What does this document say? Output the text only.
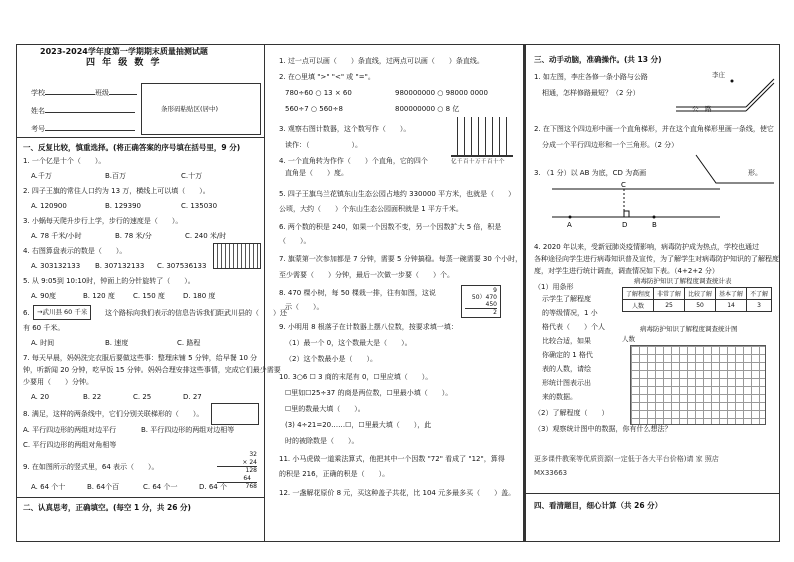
2023-2024学年度第一学期期末质量抽测试题
四 年 级 数 学
学校	班级
姓名
考号
条形码粘贴区(居中)
一、反复比较，慎重选择。(将正确答案的序号填在括号里，9 分)
1. 一个亿是十个（　　）。
A.千万	B.百万	C.十万
2. 四子王旗的常住人口约为 13 万，横线上可以填（　　）。
A. 120900	B. 129390	C. 135030
3. 小蜗每天爬升步行上学，步行的速度是（　　）。
A. 78 千米/小时	B. 78 米/分	C. 240 米/时
4. 右图算盘表示的数是（　　）。
A. 303132133 B. 307132133 C. 307536133
5. 从 9:05到 10:10时，钟面上的分针旋转了（　　）。
A. 90度	B. 120 度	C. 150 度	D. 180 度
6.	→武川县 60 千米	这个路标向我们表示的信息告诉我们距武川县的（　　）还
有 60 千米。
A. 时间	B. 速度	C. 路程
7. 每天早晨，妈妈洗完衣服后要做这些事：整理床铺 5 分钟，给早餐 10 分
钟，听新闻 20 分钟，吃早饭 15 分钟。妈妈合理安排这些事情，完成它们最少需要
少要用（　　）分钟。
A. 20	B. 22	C. 25	D. 27
8. 满足，这样的两条线中，它们分别关联梯形的（　　）。
A. 平行四边形的两组对边平行	B. 平行四边形的两组对边相等
C. 平行四边形的两组对角相等
9. 在如图所示的竖式里，64 表示（　　）。
32
× 24
128
64
768
A. 64 个十	B. 64个百	C. 64 个一	D. 64 个
二、认真思考，正确填空。(每空 1 分，共 26 分)
1. 过一点可以画（　　）条直线，过两点可以画（　　）条直线。
2. 在○里填 ">" "<" 或 "="。
780÷60 ○ 13 × 60	980000000 ○ 98000 0000
560÷7 ○ 560÷8	800000000 ○ 8 亿
3. 观察右图计数器，这个数写作（　　）。
读作：（　　　　　　）。
亿千百十万千百十个
4. 一个直角转为作作（　　）个直角，它的四个
直角是（　　）度。
5. 四子王旗乌兰花镇东山生态公园占地约 330000 平方米，也就是（　　）
公顷，大约（　　）个东山生态公园面积就是 1 平方千米。
6. 两个数的积是 240，如果一个因数不变，另一个因数扩大 5 倍，积是
（　　）。
7. 旗蒙第一次参加都是 7 分钟，需要 5 分钟搞稳。每蒸一碗需要 30 个小时，
至少需要（　　）分钟，最后一次做一步要（　　）个。
8. 470 棵小树，每 50 棵栽一排，往有如图，这说
示（　　）。
9
50）470
450
2
9. 小明用 8 根落子在计数器上摆八位数，按要求填一填：
（1）最一个 0，这个数最大是（　　）。
（2）这个数最小是（　　）。
10. 3○6 ☐ 3 商的末尾有 0，☐里应填（　　）。
☐里如☐25÷37 的商是两位数，☐里最小填（　　）。
☐里的数最大填（　　）。
(3) 4÷21=20……☐，☐里最大填（　　），此
时的被除数是（　　）。
11. 小马虎做一道乘法算式，他把其中一个因数 "72" 看成了 "12"，算得
的积是 216，正确的积是（　　）。
12. 一盏解花原价 8 元，买这种盖子共花，比 104 元多最多买（　　）盖。
三、动手动脑，准确操作。(共 13 分)
1. 如左图，李庄各修一条小路与公路
相通，怎样修路最短？（2 分）
李庄
公　路
2. 在下图这个四边形中画一个直角梯形，并在这个直角梯形里画一条线，使它
分成一个平行四边形和一个三角形。（2 分）
3. （1 分）以 AB 为底，CD 为高画	形。
C
A	D	B
4. 2020 年以来，受新冠肺炎疫情影响，病毒防护成为热点，学校也通过
各种途径向学生进行病毒知识普及宣传，为了解学生对病毒防护知识的了解程度
度，对学生进行统计调查，调查情况如下表。（4+2+2 分）
（1）用条形
示学生了解程度
的等级情况，1 小
格代表（　　）个人
比较合适，如果
你确定的 1 格代
表的人数，请绘
形统计图表示出
来的数据。
病毒防护知识了解程度调查统计表
了解程度	非常了解	比较了解	基本了解	不了解
人数	25	50	14	3
病毒防护知识了解程度调查统计图
人数
（2）了解程度（　　）
（3）观察统计图中的数据，你有什么想法？
更多课件教案等优质资源(一定低于各大平台价格)请 家 照店
MX33663
四、看清题目，细心计算（共 26 分）
